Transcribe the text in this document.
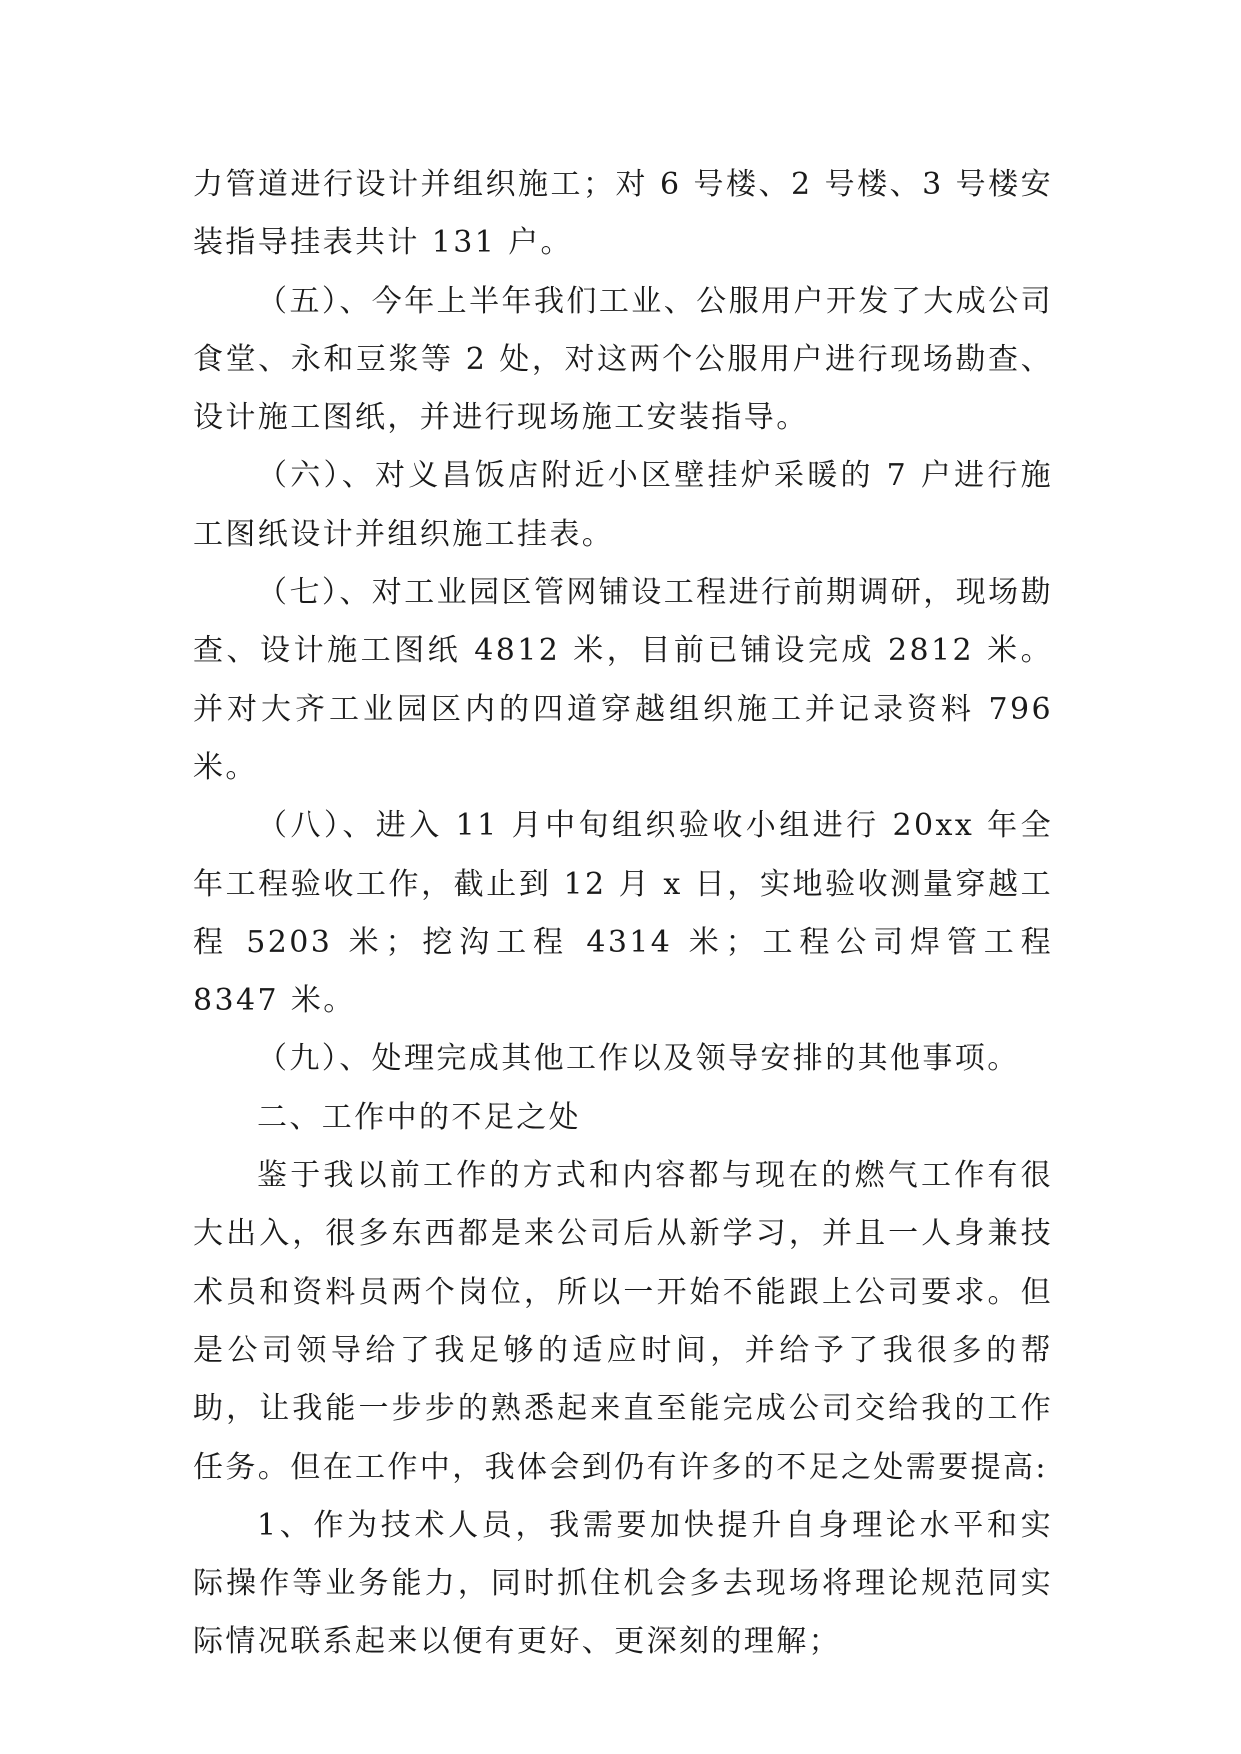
力管道进行设计并组织施工；对 6 号楼、2 号楼、3 号楼安装指导挂表共计 131 户。

（五）、今年上半年我们工业、公服用户开发了大成公司食堂、永和豆浆等 2 处，对这两个公服用户进行现场勘查、设计施工图纸，并进行现场施工安装指导。

（六）、对义昌饭店附近小区壁挂炉采暖的 7 户进行施工图纸设计并组织施工挂表。

（七）、对工业园区管网铺设工程进行前期调研，现场勘查、设计施工图纸 4812 米，目前已铺设完成 2812 米。并对大齐工业园区内的四道穿越组织施工并记录资料 796 米。

（八）、进入 11 月中旬组织验收小组进行 20xx 年全年工程验收工作，截止到 12 月 x 日，实地验收测量穿越工程 5203 米；挖沟工程 4314 米；工程公司焊管工程 8347 米。

（九）、处理完成其他工作以及领导安排的其他事项。

二、工作中的不足之处

鉴于我以前工作的方式和内容都与现在的燃气工作有很大出入，很多东西都是来公司后从新学习，并且一人身兼技术员和资料员两个岗位，所以一开始不能跟上公司要求。但是公司领导给了我足够的适应时间，并给予了我很多的帮助，让我能一步步的熟悉起来直至能完成公司交给我的工作任务。但在工作中，我体会到仍有许多的不足之处需要提高:

1、作为技术人员，我需要加快提升自身理论水平和实际操作等业务能力，同时抓住机会多去现场将理论规范同实际情况联系起来以便有更好、更深刻的理解；
